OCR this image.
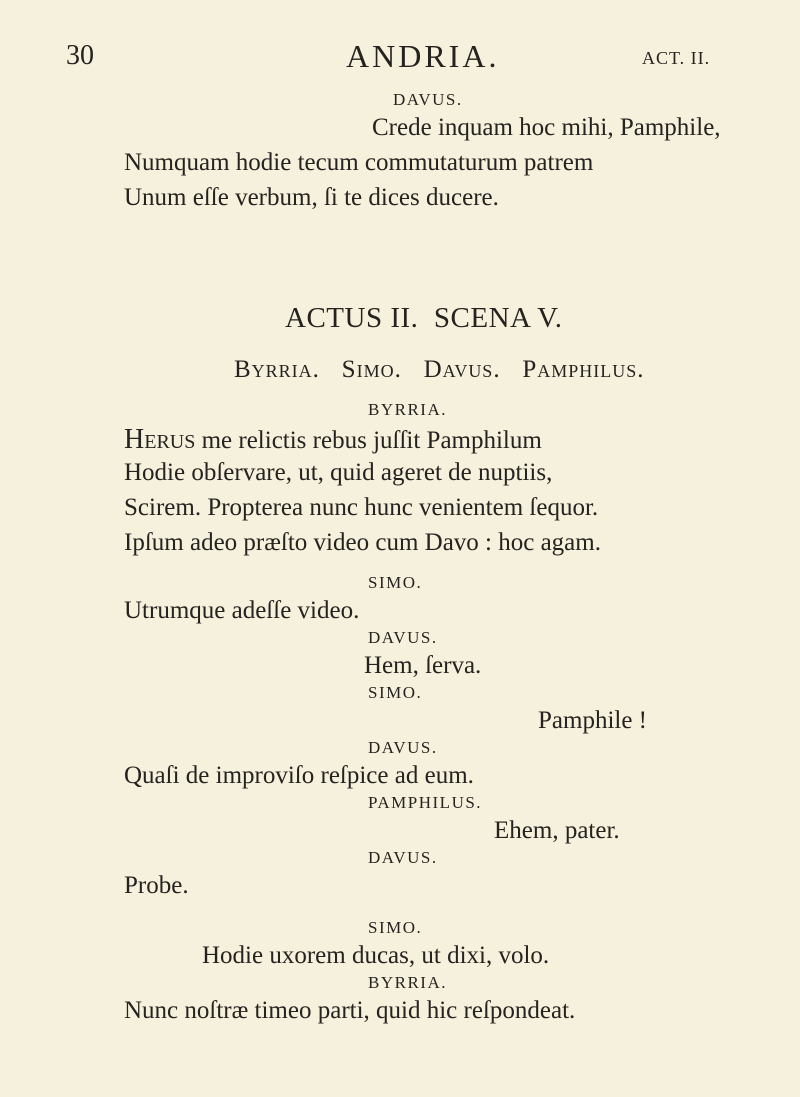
30	ANDRIA.	ACT. II.
DAVUS.
Crede inquam hoc mihi, Pamphile,
Numquam hodie tecum commutaturum patrem
Unum eſſe verbum, ſi te dices ducere.
ACTUS II.  SCENA V.
Byrria.   Simo.   Davus.   Pamphilus.
BYRRIA.
Herus me relictis rebus juſſit Pamphilum
Hodie obſervare, ut, quid ageret de nuptiis,
Scirem. Propterea nunc hunc venientem ſequor.
Ipſum adeo præſto video cum Davo : hoc agam.
SIMO.
Utrumque adeſſe video.
DAVUS.
Hem, ſerva.
SIMO.
Pamphile !
DAVUS.
Quaſi de improviſo reſpice ad eum.
PAMPHILUS.
Ehem, pater.
DAVUS.
Probe.
SIMO.
Hodie uxorem ducas, ut dixi, volo.
BYRRIA.
Nunc noſtræ timeo parti, quid hic reſpondeat.
